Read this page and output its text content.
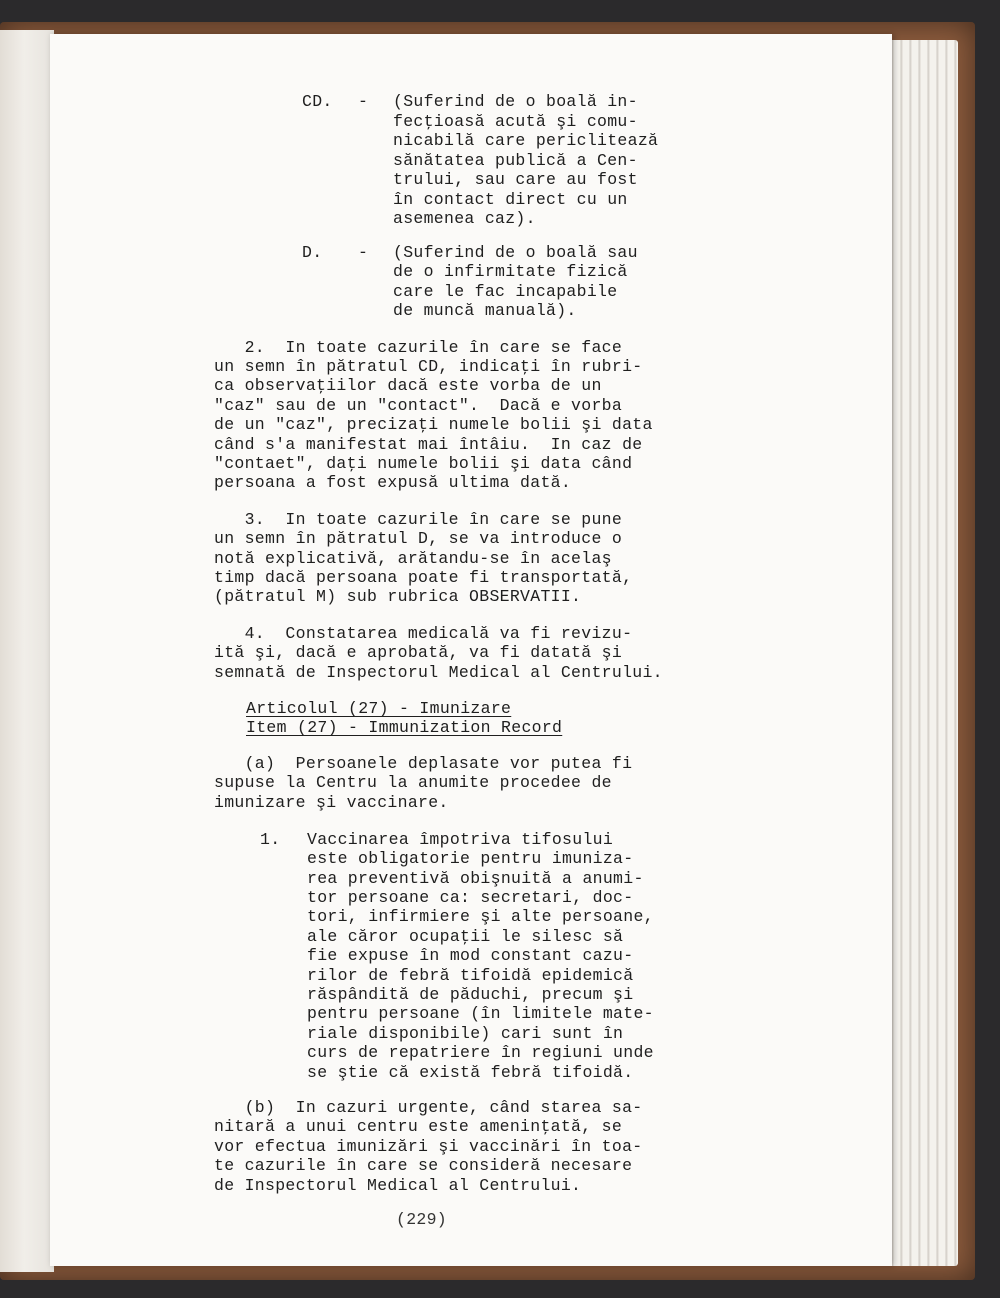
CD. - (Suferind de o boală in-
fecţioasă acută şi comu-
nicabilă care periclitează
sănătatea publică a Cen-
trului, sau care au fost
în contact direct cu un
asemenea caz).
D. - (Suferind de o boală sau
de o infirmitate fizică
care le fac incapabile
de muncă manuală).
2.  In toate cazurile în care se face
un semn în pătratul CD, indicaţi în rubri-
ca observaţiilor dacă este vorba de un
"caz" sau de un "contact".  Dacă e vorba
de un "caz", precizaţi numele bolii şi data
când s'a manifestat mai întâiu.  In caz de
"contaet", daţi numele bolii şi data când
persoana a fost expusă ultima dată.
3.  In toate cazurile în care se pune
un semn în pătratul D, se va introduce o
notă explicativă, arătandu-se în acelaş
timp dacă persoana poate fi transportată,
(pătratul M) sub rubrica OBSERVATII.
4.  Constatarea medicală va fi revizu-
ită şi, dacă e aprobată, va fi datată şi
semnată de Inspectorul Medical al Centrului.
Articolul (27) - Imunizare
Item (27) - Immunization Record
(a)  Persoanele deplasate vor putea fi
supuse la Centru la anumite procedee de
imunizare şi vaccinare.
1. Vaccinarea împotriva tifosului
este obligatorie pentru imuniza-
rea preventivă obişnuită a anumi-
tor persoane ca: secretari, doc-
tori, infirmiere şi alte persoane,
ale căror ocupaţii le silesc să
fie expuse în mod constant cazu-
rilor de febră tifoidă epidemică
răspândită de păduchi, precum şi
pentru persoane (în limitele mate-
riale disponibile) cari sunt în
curs de repatriere în regiuni unde
se ştie că există febră tifoidă.
(b)  In cazuri urgente, când starea sa-
nitară a unui centru este ameninţată, se
vor efectua imunizări şi vaccinări în toa-
te cazurile în care se consideră necesare
de Inspectorul Medical al Centrului.
(229)
